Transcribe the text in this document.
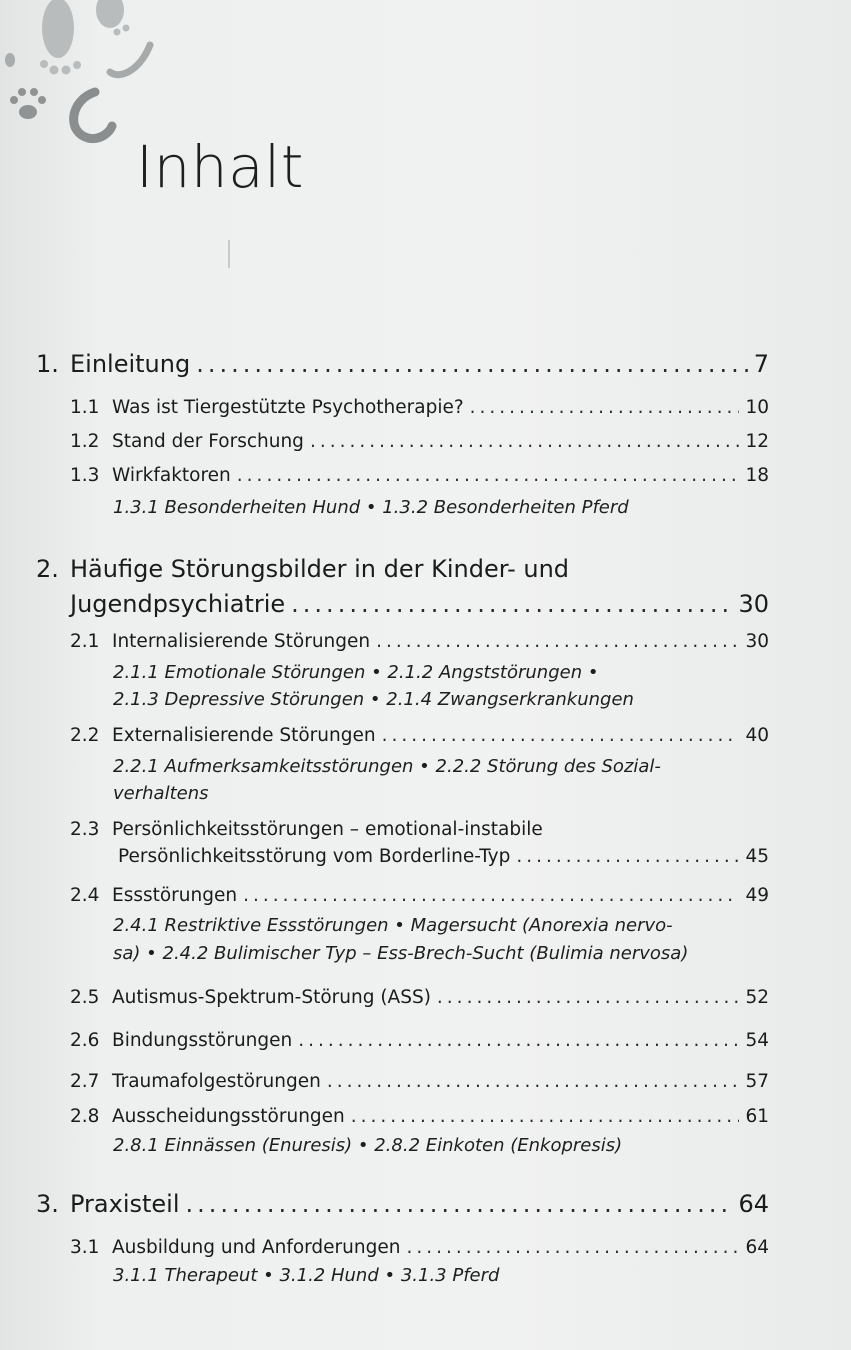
Inhalt
1. Einleitung .....	7
1.1 Was ist Tiergestützte Psychotherapie? .....	10
1.2 Stand der Forschung .....	12
1.3 Wirkfaktoren .....	18
1.3.1 Besonderheiten Hund • 1.3.2 Besonderheiten Pferd
2. Häufige Störungsbilder in der Kinder- und
Jugendpsychiatrie .....	30
2.1 Internalisierende Störungen .....	30
2.1.1 Emotionale Störungen • 2.1.2 Angststörungen •
2.1.3 Depressive Störungen • 2.1.4 Zwangserkrankungen
2.2 Externalisierende Störungen .....	40
2.2.1 Aufmerksamkeitsstörungen • 2.2.2 Störung des Sozial-
verhaltens
2.3 Persönlichkeitsstörungen – emotional-instabile
Persönlichkeitsstörung vom Borderline-Typ .....	45
2.4 Essstörungen .....	49
2.4.1 Restriktive Essstörungen • Magersucht (Anorexia nervo-
sa) • 2.4.2 Bulimischer Typ – Ess-Brech-Sucht (Bulimia nervosa)
2.5 Autismus-Spektrum-Störung (ASS) .....	52
2.6 Bindungsstörungen .....	54
2.7 Traumafolgestörungen .....	57
2.8 Ausscheidungsstörungen .....	61
2.8.1 Einnässen (Enuresis) • 2.8.2 Einkoten (Enkopresis)
3. Praxisteil .....	64
3.1 Ausbildung und Anforderungen .....	64
3.1.1 Therapeut • 3.1.2 Hund • 3.1.3 Pferd
